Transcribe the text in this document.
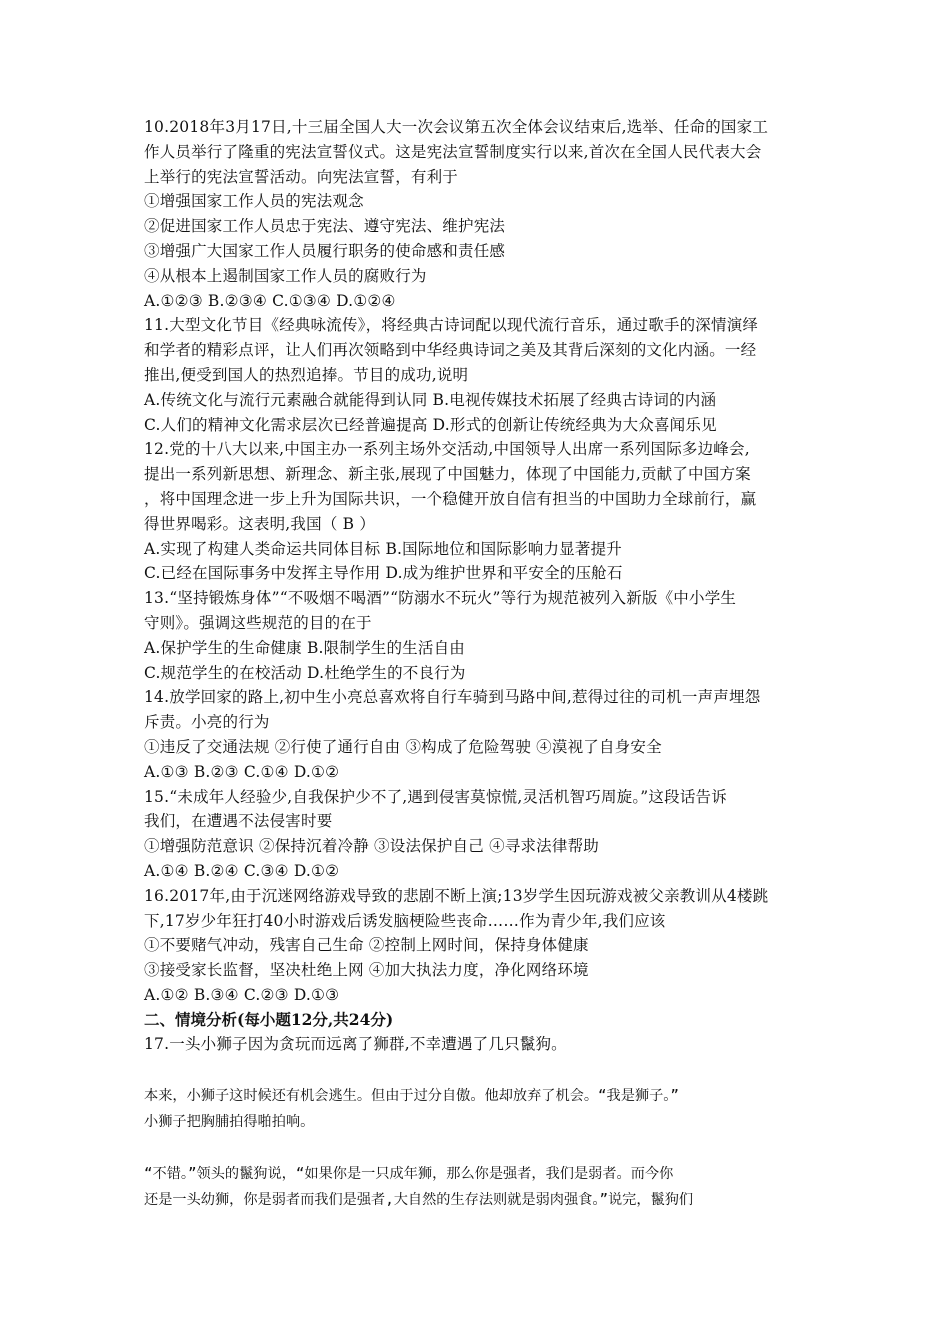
10.2018年3月17日,十三届全国人大一次会议第五次全体会议结束后,选举、任命的国家工
作人员举行了隆重的宪法宣誓仪式。这是宪法宣誓制度实行以来,首次在全国人民代表大会
上举行的宪法宣誓活动。向宪法宣誓，有利于
①增强国家工作人员的宪法观念
②促进国家工作人员忠于宪法、遵守宪法、维护宪法
③增强广大国家工作人员履行职务的使命感和责任感
④从根本上遏制国家工作人员的腐败行为
A.①②③ B.②③④ C.①③④ D.①②④
11.大型文化节目《经典咏流传》，将经典古诗词配以现代流行音乐，通过歌手的深情演绎
和学者的精彩点评，让人们再次领略到中华经典诗词之美及其背后深刻的文化内涵。一经
推出,便受到国人的热烈追捧。节目的成功,说明
A.传统文化与流行元素融合就能得到认同 B.电视传媒技术拓展了经典古诗词的内涵
C.人们的精神文化需求层次已经普遍提高 D.形式的创新让传统经典为大众喜闻乐见
12.党的十八大以来,中国主办一系列主场外交活动,中国领导人出席一系列国际多边峰会,
提出一系列新思想、新理念、新主张,展现了中国魅力，体现了中国能力,贡献了中国方案
，将中国理念进一步上升为国际共识，一个稳健开放自信有担当的中国助力全球前行，赢
得世界喝彩。这表明,我国（ B ）
A.实现了构建人类命运共同体目标 B.国际地位和国际影响力显著提升
C.已经在国际事务中发挥主导作用 D.成为维护世界和平安全的压舱石
13.“坚持锻炼身体”“不吸烟不喝酒”“防溺水不玩火”等行为规范被列入新版《中小学生
守则》。强调这些规范的目的在于
A.保护学生的生命健康 B.限制学生的生活自由
C.规范学生的在校活动 D.杜绝学生的不良行为
14.放学回家的路上,初中生小亮总喜欢将自行车骑到马路中间,惹得过往的司机一声声埋怨
斥责。小亮的行为
①违反了交通法规 ②行使了通行自由 ③构成了危险驾驶 ④漠视了自身安全
A.①③ B.②③ C.①④ D.①②
15.“未成年人经验少,自我保护少不了,遇到侵害莫惊慌,灵活机智巧周旋。”这段话告诉
我们，在遭遇不法侵害时要
①增强防范意识 ②保持沉着冷静 ③设法保护自己 ④寻求法律帮助
A.①④ B.②④ C.③④ D.①②
16.2017年,由于沉迷网络游戏导致的悲剧不断上演;13岁学生因玩游戏被父亲教训从4楼跳
下,17岁少年狂打40小时游戏后诱发脑梗险些丧命……作为青少年,我们应该
①不要赌气冲动，残害自己生命 ②控制上网时间，保持身体健康
③接受家长监督，坚决杜绝上网 ④加大执法力度，净化网络环境
A.①② B.③④ C.②③ D.①③
二、情境分析(每小题12分,共24分)
17.一头小狮子因为贪玩而远离了狮群,不幸遭遇了几只鬣狗。
本来，小狮子这时候还有机会逃生。但由于过分自傲。他却放弃了机会。“我是狮子。”
小狮子把胸脯拍得啪拍响。
“不错。”领头的鬣狗说，“如果你是一只成年狮，那么你是强者，我们是弱者。而今你
还是一头幼狮，你是弱者而我们是强者,大自然的生存法则就是弱肉强食。”说完，鬣狗们
